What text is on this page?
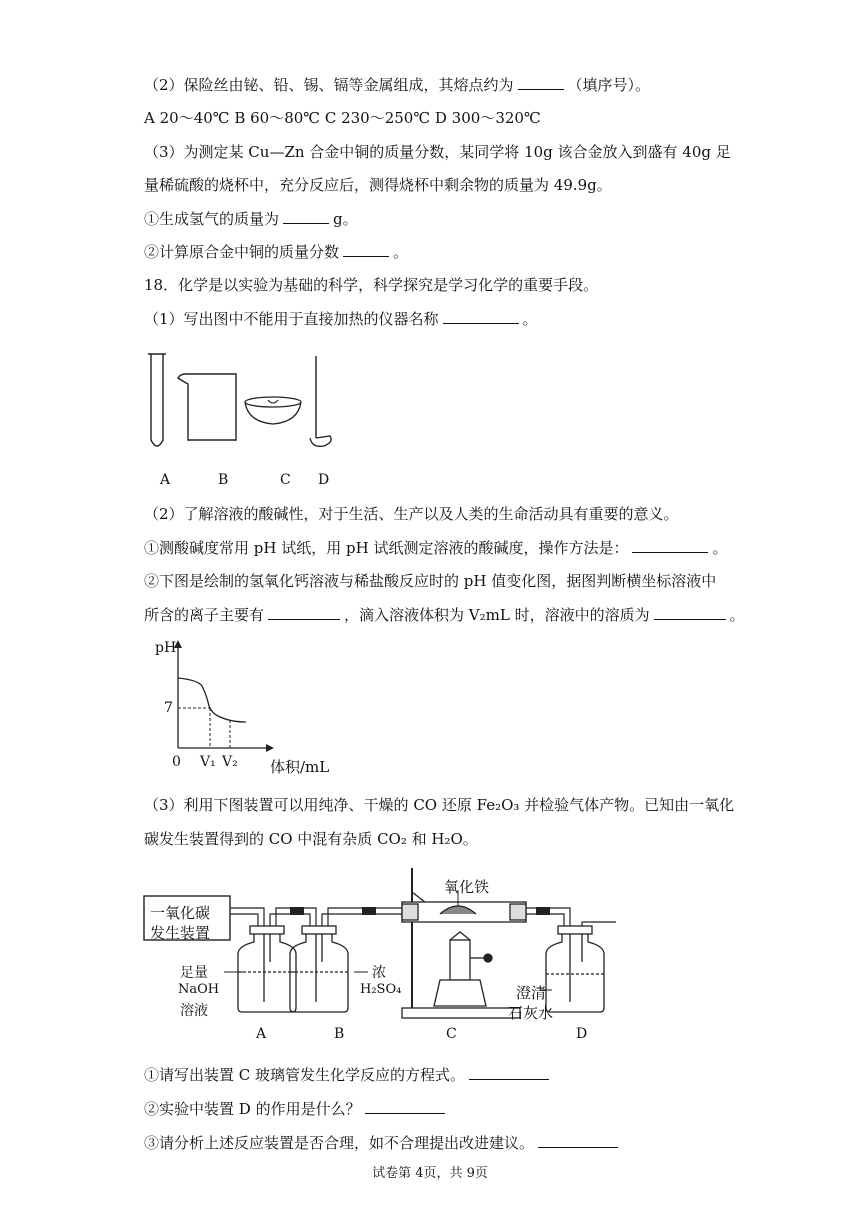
（2）保险丝由铋、铅、锡、镉等金属组成，其熔点约为	（填序号）。
A 20～40℃ B 60～80℃ C 230～250℃ D 300～320℃
（3）为测定某 Cu—Zn 合金中铜的质量分数，某同学将 10g 该合金放入到盛有 40g 足
量稀硫酸的烧杯中，充分反应后，测得烧杯中剩余物的质量为 49.9g。
①生成氢气的质量为	g。
②计算原合金中铜的质量分数	。
18．化学是以实验为基础的科学，科学探究是学习化学的重要手段。
（1）写出图中不能用于直接加热的仪器名称	。
A	B	C D
（2）了解溶液的酸碱性，对于生活、生产以及人类的生命活动具有重要的意义。
①测酸碱度常用 pH 试纸，用 pH 试纸测定溶液的酸碱度，操作方法是：	。
②下图是绘制的氢氧化钙溶液与稀盐酸反应时的 pH 值变化图，据图判断横坐标溶液中
所含的离子主要有	，滴入溶液体积为 V₂mL 时，溶液中的溶质为	。
pH
7
0 V₁ V₂ 体积/mL
（3）利用下图装置可以用纯净、干燥的 CO 还原 Fe₂O₃ 并检验气体产物。已知由一氧化
碳发生装置得到的 CO 中混有杂质 CO₂ 和 H₂O。
一氧化碳
发生装置
氧化铁
足量
NaOH
溶液
浓
H₂SO₄	澄清
石灰水
A	B	C	D
①请写出装置 C 玻璃管发生化学反应的方程式。
②实验中装置 D 的作用是什么？
③请分析上述反应装置是否合理，如不合理提出改进建议。
试卷第 4页，共 9页
